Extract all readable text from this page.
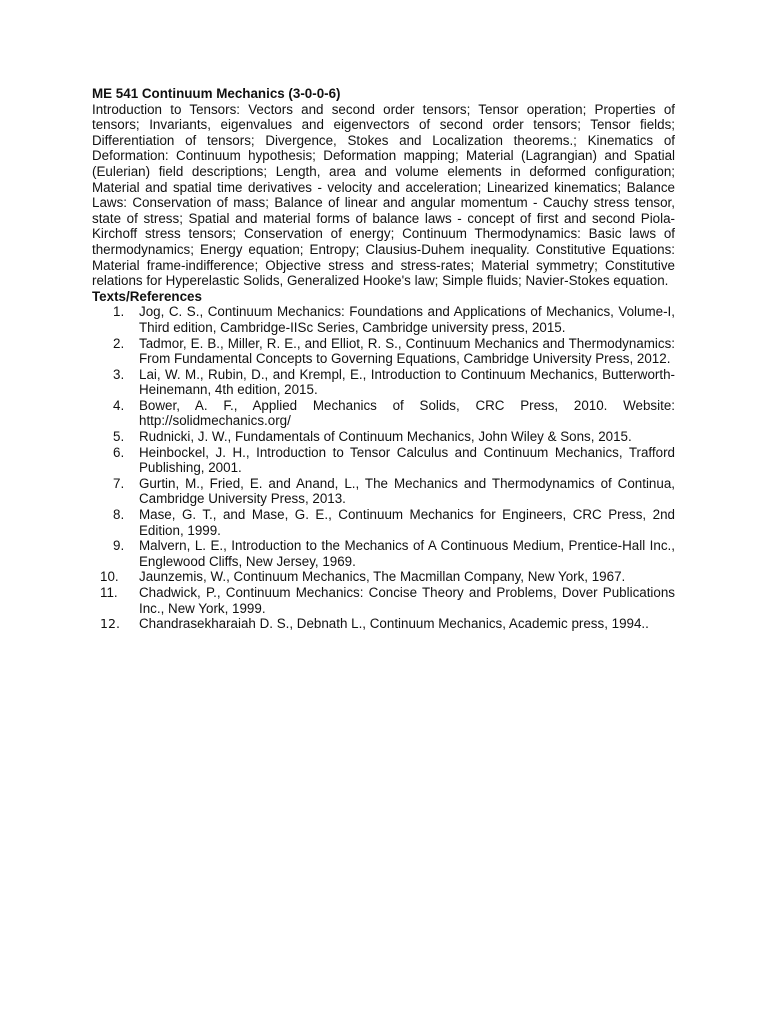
ME 541 Continuum Mechanics (3-0-0-6)

Introduction to Tensors: Vectors and second order tensors; Tensor operation; Properties of tensors; Invariants, eigenvalues and eigenvectors of second order tensors; Tensor fields; Differentiation of tensors; Divergence, Stokes and Localization theorems.; Kinematics of Deformation: Continuum hypothesis; Deformation mapping; Material (Lagrangian) and Spatial (Eulerian) field descriptions; Length, area and volume elements in deformed configuration; Material and spatial time derivatives - velocity and acceleration; Linearized kinematics; Balance Laws: Conservation of mass; Balance of linear and angular momentum - Cauchy stress tensor, state of stress; Spatial and material forms of balance laws - concept of first and second Piola-Kirchoff stress tensors; Conservation of energy; Continuum Thermodynamics: Basic laws of thermodynamics; Energy equation; Entropy; Clausius-Duhem inequality. Constitutive Equations: Material frame-indifference; Objective stress and stress-rates; Material symmetry; Constitutive relations for Hyperelastic Solids, Generalized Hooke's law; Simple fluids; Navier-Stokes equation.

Texts/References

1.	Jog, C. S., Continuum Mechanics: Foundations and Applications of Mechanics, Volume-I, Third edition, Cambridge-IISc Series, Cambridge university press, 2015.
2.	Tadmor, E. B., Miller, R. E., and Elliot, R. S., Continuum Mechanics and Thermodynamics: From Fundamental Concepts to Governing Equations, Cambridge University Press, 2012.
3.	Lai, W. M., Rubin, D., and Krempl, E., Introduction to Continuum Mechanics, Butterworth-Heinemann, 4th edition, 2015.
4.	Bower, A. F., Applied Mechanics of Solids, CRC Press, 2010. Website: http://solidmechanics.org/
5.	Rudnicki, J. W., Fundamentals of Continuum Mechanics, John Wiley & Sons, 2015.
6.	Heinbockel, J. H., Introduction to Tensor Calculus and Continuum Mechanics, Trafford Publishing, 2001.
7.	Gurtin, M., Fried, E. and Anand, L., The Mechanics and Thermodynamics of Continua, Cambridge University Press, 2013.
8.	Mase, G. T., and Mase, G. E., Continuum Mechanics for Engineers, CRC Press, 2nd Edition, 1999.
9.	Malvern, L. E., Introduction to the Mechanics of A Continuous Medium, Prentice-Hall Inc., Englewood Cliffs, New Jersey, 1969.
10.	Jaunzemis, W., Continuum Mechanics, The Macmillan Company, New York, 1967.
11.	Chadwick, P., Continuum Mechanics: Concise Theory and Problems, Dover Publications Inc., New York, 1999.
12.	Chandrasekharaiah D. S., Debnath L., Continuum Mechanics, Academic press, 1994..
